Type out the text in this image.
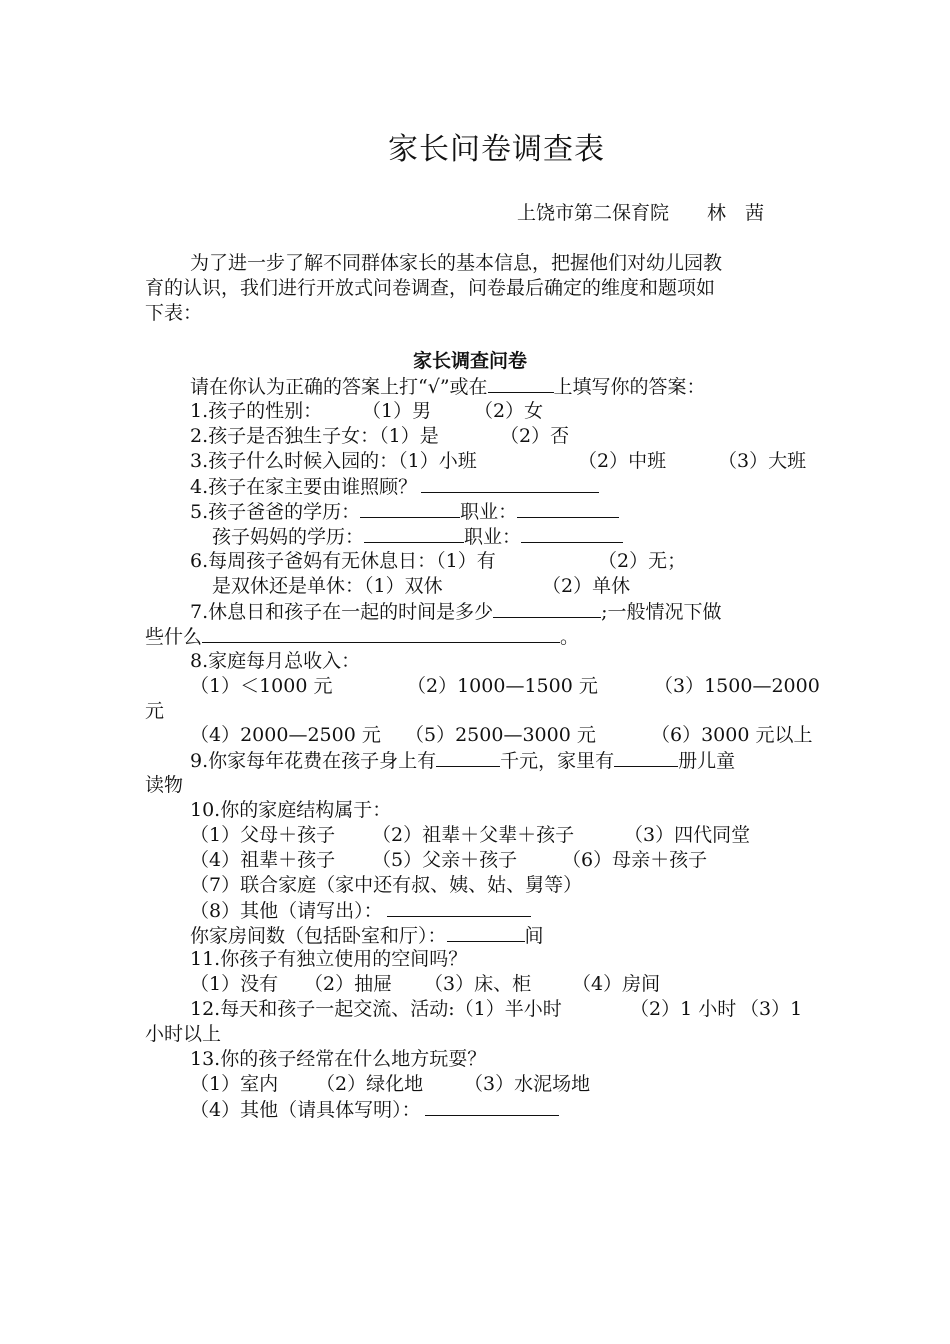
家长问卷调查表
上饶市第二保育院　　林　茜
为了进一步了解不同群体家长的基本信息，把握他们对幼儿园教
育的认识，我们进行开放式问卷调查，问卷最后确定的维度和题项如
下表：
家长调查问卷
请在你认为正确的答案上打“√”或在	上填写你的答案：
1.孩子的性别： （1）男 （2）女
2.孩子是否独生子女：（1）是	（2）否
3.孩子什么时候入园的：（1）小班	（2）中班	（3）大班
4.孩子在家主要由谁照顾？
5.孩子爸爸的学历：	职业：
孩子妈妈的学历：	职业：
6.每周孩子爸妈有无休息日：（1）有	（2）无；
是双休还是单休：（1）双休	（2）单休
7.休息日和孩子在一起的时间是多少	;一般情况下做
些什么	。
8.家庭每月总收入：
（1）＜1000 元	（2）1000—1500 元	（3）1500—2000
元
（4）2000—2500 元 （5）2500—3000 元	（6）3000 元以上
9.你家每年花费在孩子身上有	千元，家里有	册儿童
读物
10.你的家庭结构属于：
（1）父母＋孩子 （2）祖辈＋父辈＋孩子	（3）四代同堂
（4）祖辈＋孩子 （5）父亲＋孩子 （6）母亲＋孩子
（7）联合家庭（家中还有叔、姨、姑、舅等）
（8）其他（请写出）：
你家房间数（包括卧室和厅）：	间
11.你孩子有独立使用的空间吗？
（1）没有 （2）抽屉 （3）床、柜 （4）房间
12.每天和孩子一起交流、活动:（1）半小时	（2）1 小时 （3）1
小时以上
13.你的孩子经常在什么地方玩耍？
（1）室内 （2）绿化地 （3）水泥场地
（4）其他（请具体写明）：
